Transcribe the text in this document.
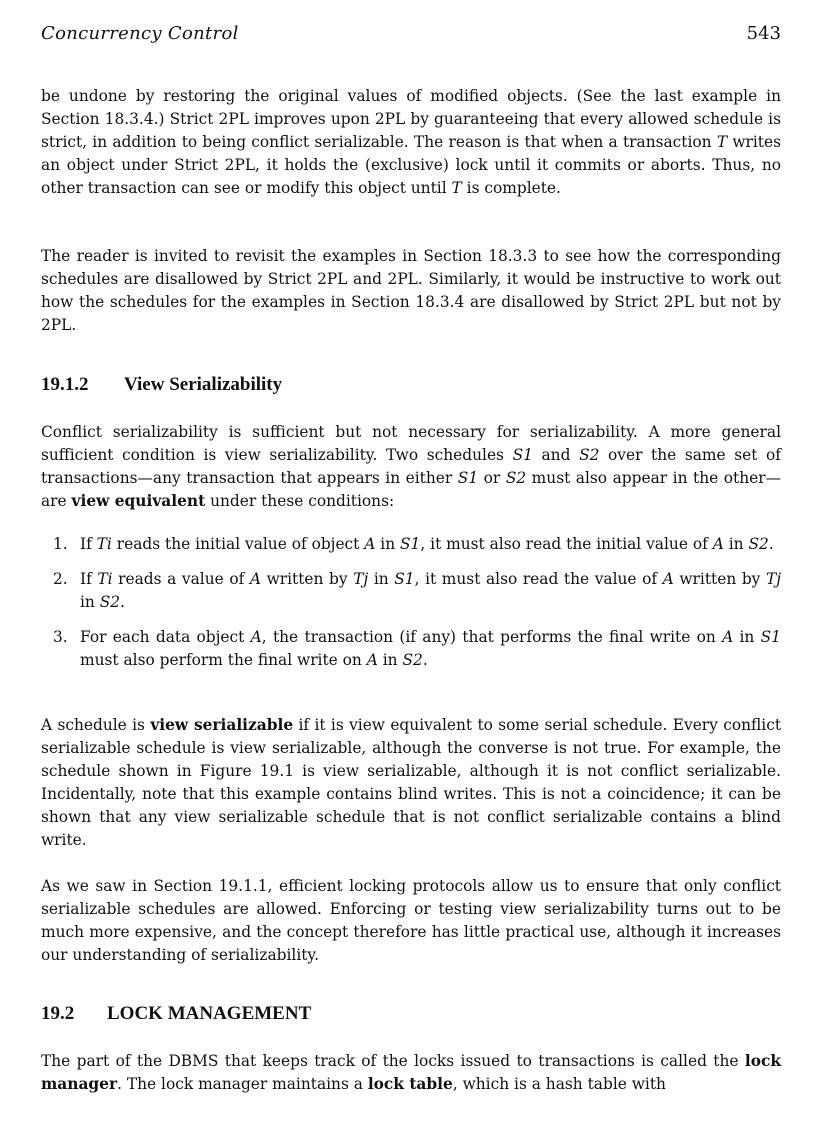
Concurrency Control	543

be undone by restoring the original values of modified objects. (See the last example in Section 18.3.4.) Strict 2PL improves upon 2PL by guaranteeing that every allowed schedule is strict, in addition to being conflict serializable. The reason is that when a transaction T writes an object under Strict 2PL, it holds the (exclusive) lock until it commits or aborts. Thus, no other transaction can see or modify this object until T is complete.

The reader is invited to revisit the examples in Section 18.3.3 to see how the corresponding schedules are disallowed by Strict 2PL and 2PL. Similarly, it would be instructive to work out how the schedules for the examples in Section 18.3.4 are disallowed by Strict 2PL but not by 2PL.

19.1.2 View Serializability

Conflict serializability is sufficient but not necessary for serializability. A more general sufficient condition is view serializability. Two schedules S1 and S2 over the same set of transactions—any transaction that appears in either S1 or S2 must also appear in the other—are view equivalent under these conditions:

1. If Ti reads the initial value of object A in S1, it must also read the initial value of A in S2.
2. If Ti reads a value of A written by Tj in S1, it must also read the value of A written by Tj in S2.
3. For each data object A, the transaction (if any) that performs the final write on A in S1 must also perform the final write on A in S2.

A schedule is view serializable if it is view equivalent to some serial schedule. Every conflict serializable schedule is view serializable, although the converse is not true. For example, the schedule shown in Figure 19.1 is view serializable, although it is not conflict serializable. Incidentally, note that this example contains blind writes. This is not a coincidence; it can be shown that any view serializable schedule that is not conflict serializable contains a blind write.

As we saw in Section 19.1.1, efficient locking protocols allow us to ensure that only conflict serializable schedules are allowed. Enforcing or testing view serializability turns out to be much more expensive, and the concept therefore has little practical use, although it increases our understanding of serializability.

19.2 LOCK MANAGEMENT

The part of the DBMS that keeps track of the locks issued to transactions is called the lock manager. The lock manager maintains a lock table, which is a hash table with
